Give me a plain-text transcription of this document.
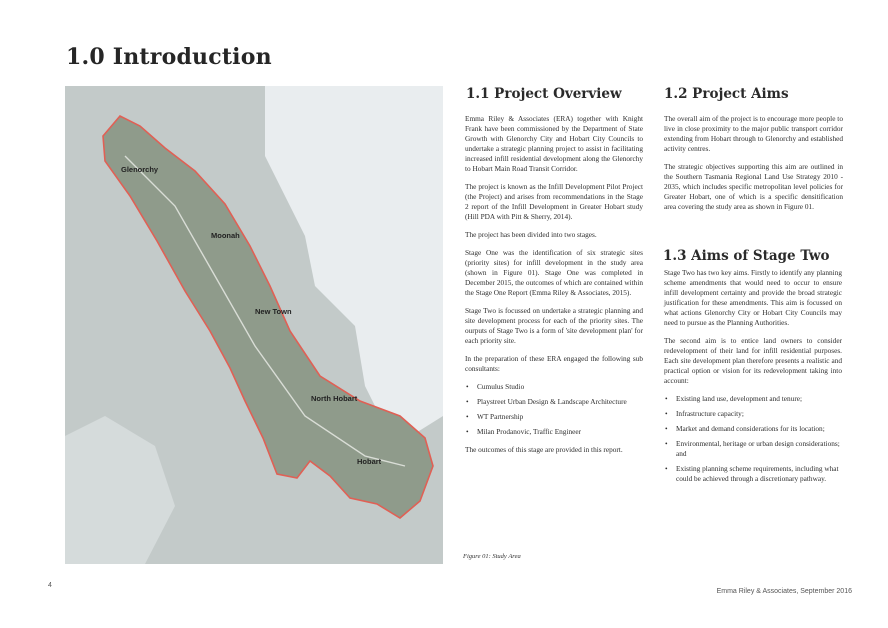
1.0 Introduction
Glenorchy
Moonah
New Town
North Hobart
Hobart
1.1 Project Overview

Emma Riley & Associates (ERA) together with Knight Frank have been commissioned by the Department of State Growth with Glenorchy City and Hobart City Councils to undertake a strategic planning project to assist in facilitating increased infill residential development along the Glenorchy to Hobart Main Road Transit Corridor.

The project is known as the Infill Development Pilot Project (the Project) and arises from recommendations in the Stage 2 report of the Infill Development in Greater Hobart study (Hill PDA with Pitt & Sherry, 2014).

The project has been divided into two stages.

Stage One was the identification of six strategic sites (priority sites) for infill development in the study area (shown in Figure 01). Stage One was completed in December 2015, the outcomes of which are contained within the Stage One Report (Emma Riley & Associates, 2015).

Stage Two is focussed on undertake a strategic planning and site development process for each of the priority sites. The ourputs of Stage Two is a form of 'site development plan' for each priority site.

In the preparation of these ERA engaged the following sub consultants:

• Cumulus Studio
• Playstreet Urban Design & Landscape Architecture
• WT Partnership
• Milan Prodanovic, Traffic Engineer

The outcomes of this stage are provided in this report.

Figure 01: Study Area
1.2 Project Aims

The overall aim of the project is to encourage more people to live in close proximity to the major public transport corridor extending from Hobart through to Glenorchy and established activity centres.

The strategic objectives supporting this aim are outlined in the Southern Tasmania Regional Land Use Strategy 2010 - 2035, which includes specific metropolitan level policies for Greater Hobart, one of which is a specific densitification area covering the study area as shown in Figure 01.

1.3 Aims of Stage Two

Stage Two has two key aims. Firstly to identify any planning scheme amendments that would need to occur to ensure infill development certainty and provide the broad strategic justification for these amendments. This aim is focussed on what actions Glenorchy City or Hobart City Councils may need to pursue as the Planning Authorities.

The second aim is to entice land owners to consider redevelopment of their land for infill residential purposes. Each site development plan therefore presents a realistic and practical option or vision for its redevelopment taking into account:

• Existing land use, development and tenure;
• Infrastructure capacity;
• Market and demand considerations for its location;
• Environmental, heritage or urban design considerations; and
• Existing planning scheme requirements, including what could be achieved through a discretionary pathway.
4
Emma Riley & Associates, September 2016
